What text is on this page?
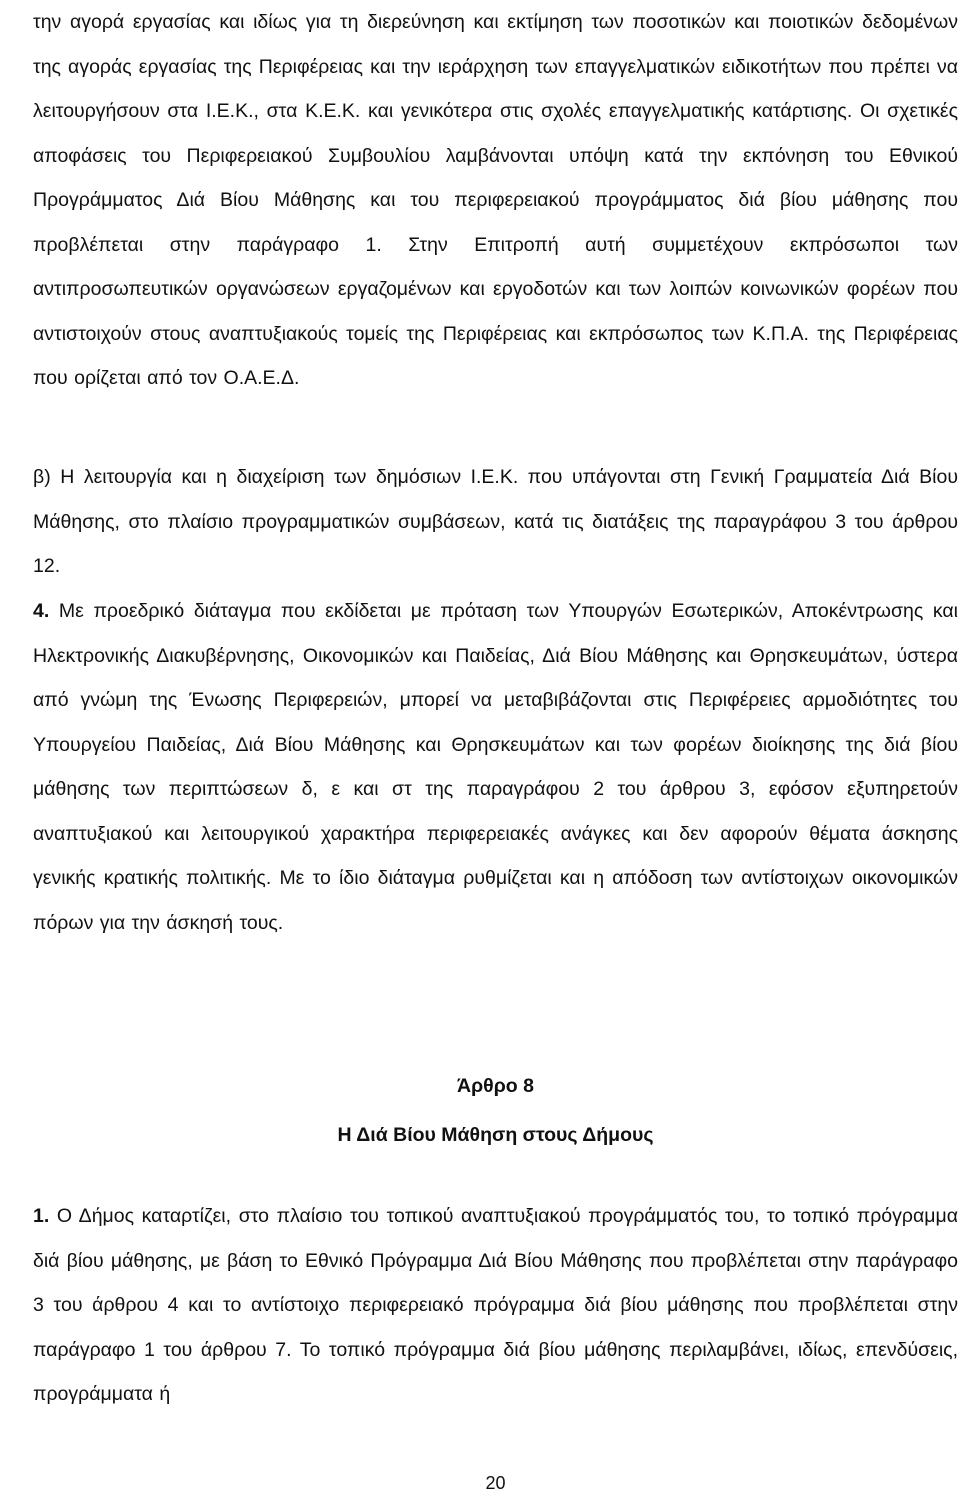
την αγορά εργασίας και ιδίως για τη διερεύνηση και εκτίμηση των ποσοτικών και ποιοτικών δεδομένων της αγοράς εργασίας της Περιφέρειας και την ιεράρχηση των επαγγελματικών ειδικοτήτων που πρέπει να λειτουργήσουν στα Ι.Ε.Κ., στα Κ.Ε.Κ. και γενικότερα στις σχολές επαγγελματικής κατάρτισης. Οι σχετικές αποφάσεις του Περιφερειακού Συμβουλίου λαμβάνονται υπόψη κατά την εκπόνηση του Εθνικού Προγράμματος Διά Βίου Μάθησης και του περιφερειακού προγράμματος διά βίου μάθησης που προβλέπεται στην παράγραφο 1. Στην Επιτροπή αυτή συμμετέχουν εκπρόσωποι των αντιπροσωπευτικών οργανώσεων εργαζομένων και εργοδοτών και των λοιπών κοινωνικών φορέων που αντιστοιχούν στους αναπτυξιακούς τομείς της Περιφέρειας και εκπρόσωπος των Κ.Π.Α. της Περιφέρειας που ορίζεται από τον Ο.Α.Ε.Δ.

β) Η λειτουργία και η διαχείριση των δημόσιων Ι.Ε.Κ. που υπάγονται στη Γενική Γραμματεία Διά Βίου Μάθησης, στο πλαίσιο προγραμματικών συμβάσεων, κατά τις διατάξεις της παραγράφου 3 του άρθρου 12.

4. Με προεδρικό διάταγμα που εκδίδεται με πρόταση των Υπουργών Εσωτερικών, Αποκέντρωσης και Ηλεκτρονικής Διακυβέρνησης, Οικονομικών και Παιδείας, Διά Βίου Μάθησης και Θρησκευμάτων, ύστερα από γνώμη της Ένωσης Περιφερειών, μπορεί να μεταβιβάζονται στις Περιφέρειες αρμοδιότητες του Υπουργείου Παιδείας, Διά Βίου Μάθησης και Θρησκευμάτων και των φορέων διοίκησης της διά βίου μάθησης των περιπτώσεων δ, ε και στ της παραγράφου 2 του άρθρου 3, εφόσον εξυπηρετούν αναπτυξιακού και λειτουργικού χαρακτήρα περιφερειακές ανάγκες και δεν αφορούν θέματα άσκησης γενικής κρατικής πολιτικής. Με το ίδιο διάταγμα ρυθμίζεται και η απόδοση των αντίστοιχων οικονομικών πόρων για την άσκησή τους.

Άρθρο 8
Η Διά Βίου Μάθηση στους Δήμους

1. Ο Δήμος καταρτίζει, στο πλαίσιο του τοπικού αναπτυξιακού προγράμματός του, το τοπικό πρόγραμμα διά βίου μάθησης, με βάση το Εθνικό Πρόγραμμα Διά Βίου Μάθησης που προβλέπεται στην παράγραφο 3 του άρθρου 4 και το αντίστοιχο περιφερειακό πρόγραμμα διά βίου μάθησης που προβλέπεται στην παράγραφο 1 του άρθρου 7. Το τοπικό πρόγραμμα διά βίου μάθησης περιλαμβάνει, ιδίως, επενδύσεις, προγράμματα ή

20
